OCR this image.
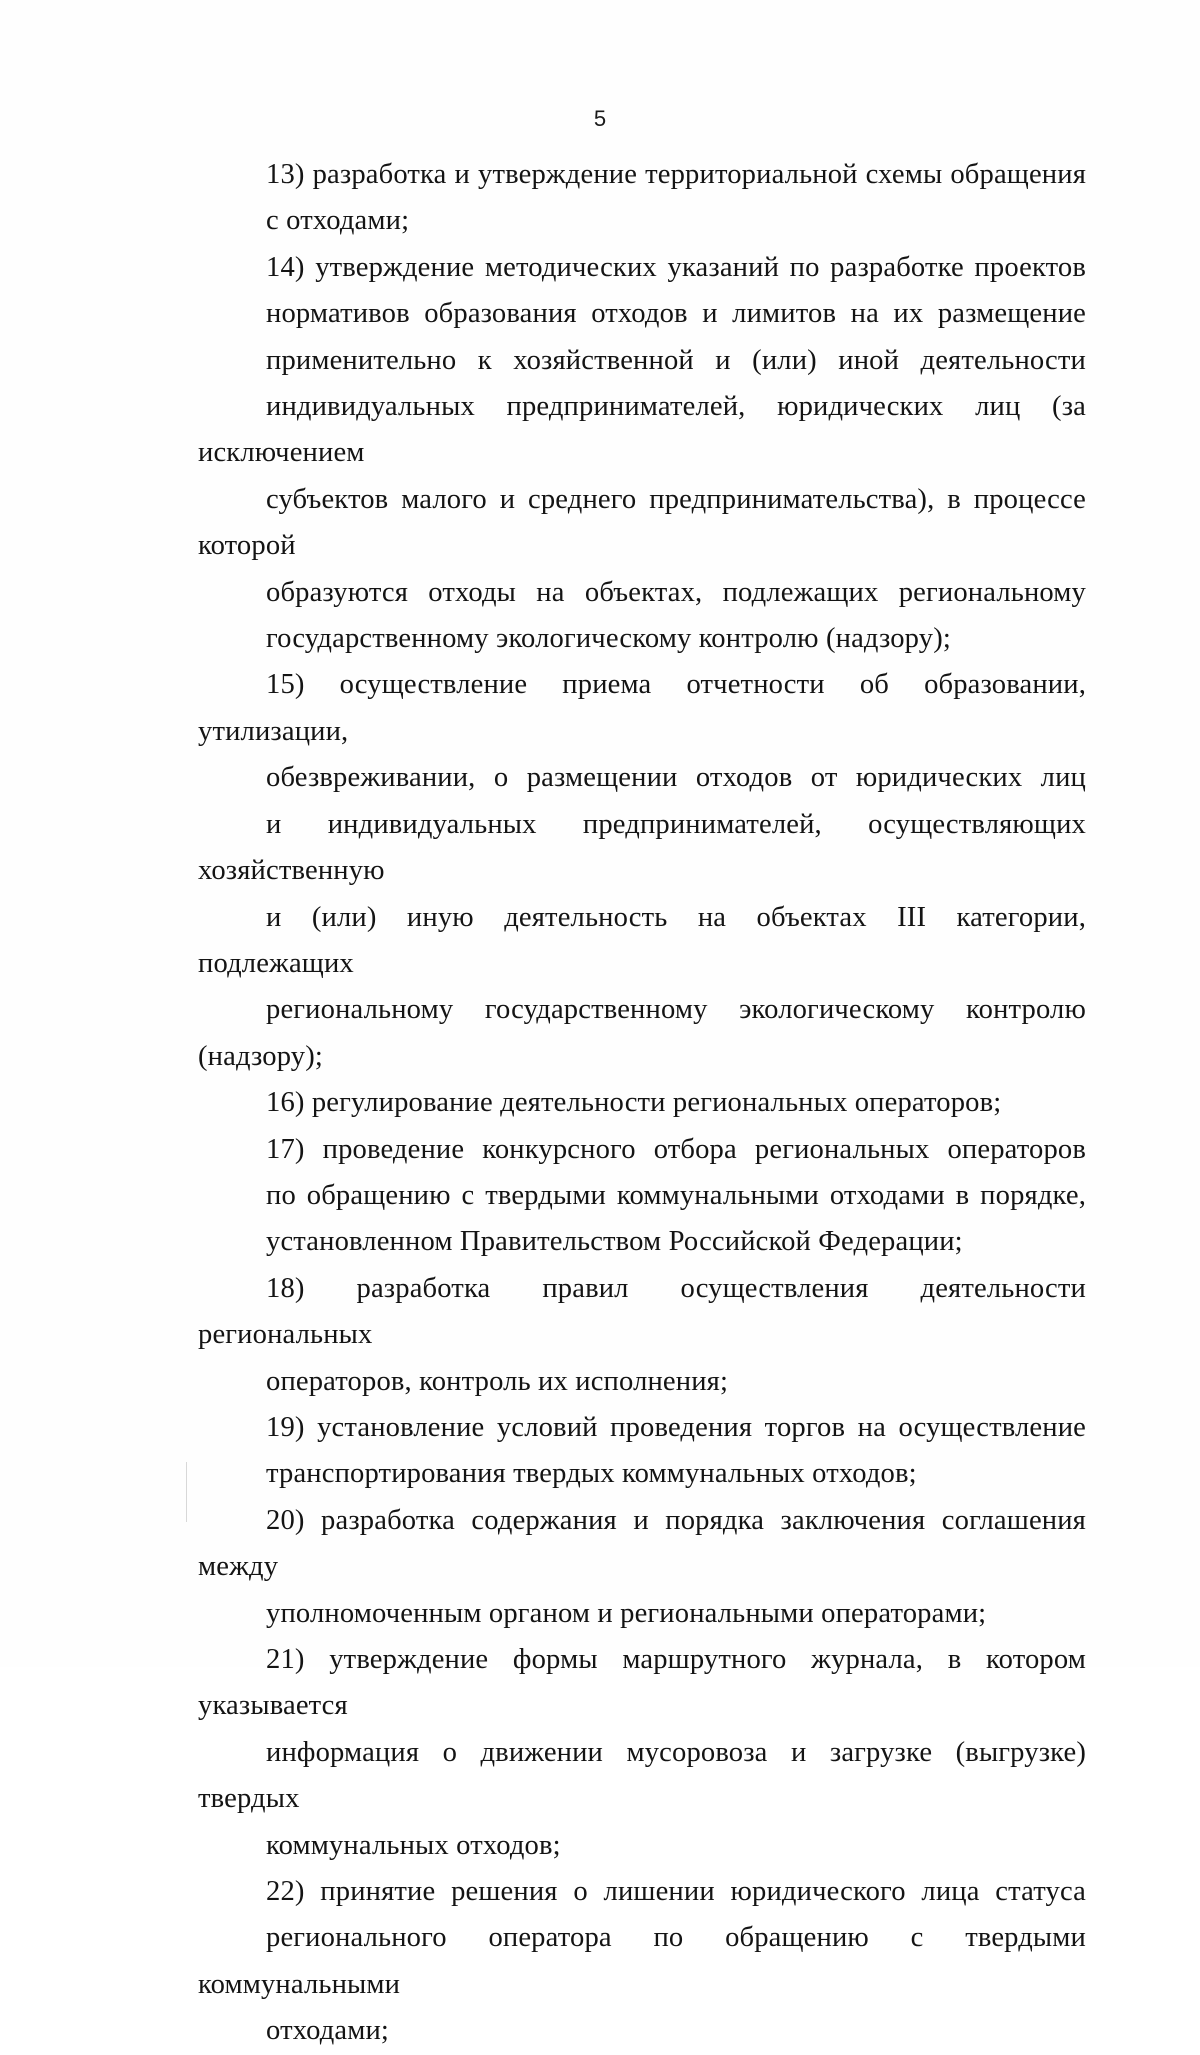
5

13) разработка и утверждение территориальной схемы обращения
с отходами;

14) утверждение методических указаний по разработке проектов
нормативов образования отходов и лимитов на их размещение
применительно к хозяйственной и (или) иной деятельности
индивидуальных предпринимателей, юридических лиц (за исключением
субъектов малого и среднего предпринимательства), в процессе которой
образуются отходы на объектах, подлежащих региональному
государственному экологическому контролю (надзору);

15) осуществление приема отчетности об образовании, утилизации,
обезвреживании, о размещении отходов от юридических лиц
и индивидуальных предпринимателей, осуществляющих хозяйственную
и (или) иную деятельность на объектах III категории, подлежащих
региональному государственному экологическому контролю (надзору);

16) регулирование деятельности региональных операторов;

17) проведение конкурсного отбора региональных операторов
по обращению с твердыми коммунальными отходами в порядке,
установленном Правительством Российской Федерации;

18) разработка правил осуществления деятельности региональных
операторов, контроль их исполнения;

19) установление условий проведения торгов на осуществление
транспортирования твердых коммунальных отходов;

20) разработка содержания и порядка заключения соглашения между
уполномоченным органом и региональными операторами;

21) утверждение формы маршрутного журнала, в котором указывается
информация о движении мусоровоза и загрузке (выгрузке) твердых
коммунальных отходов;

22) принятие решения о лишении юридического лица статуса
регионального оператора по обращению с твердыми коммунальными
отходами;
